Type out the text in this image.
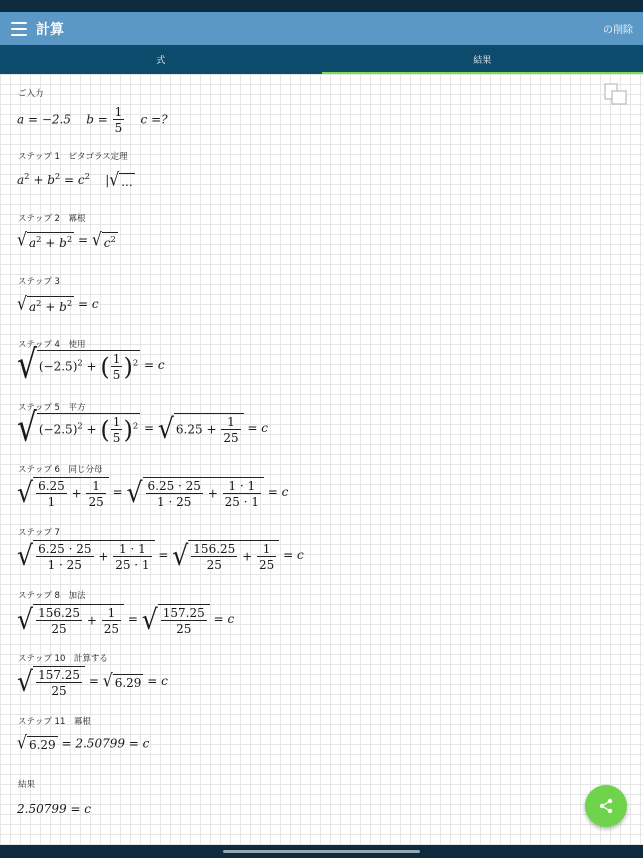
計算	の削除
式	結果
ご入力
a = −2.5 $b = \frac{1}{5}$ c =?
ステップ 1　ピタゴラス定理
$a^2 + b^2 = c^2$    |√ ...
ステップ 2　冪根
√ $a^2 + b^2$ = √ $c^2$
ステップ 3
√ $a^2 + b^2 = c$
ステップ 4　使用
√ $(-2.5)^2$ + ( $\frac{1}{5} )^2 = c$
ステップ 5　平方
√ $(-2.5)^2$ + ( $\frac{1}{5} )^2$ = √ $6.25 + \frac{1}{25} = c$
ステップ 6　同じ分母
√ $\frac{6.25}{1} + \frac{1}{25}$ = √ $\frac{6.25 \cdot 25}{1 \cdot 25} + \frac{1 \cdot 1}{25 \cdot 1} = c$
ステップ 7
√ $\frac{6.25 \cdot 25}{1 \cdot 25} + \frac{1 \cdot 1}{25 \cdot 1}$ = √ $\frac{156.25}{25} + \frac{1}{25} = c$
ステップ 8　加法
√ $\frac{156.25}{25} + \frac{1}{25}$ = √ $\frac{157.25}{25} = c$
ステップ 10　計算する
√ $\frac{157.25}{25}$ = √ 6.29 = c
ステップ 11　冪根
√ 6.29 = 2.50799 = c
結果
2.50799 = c
